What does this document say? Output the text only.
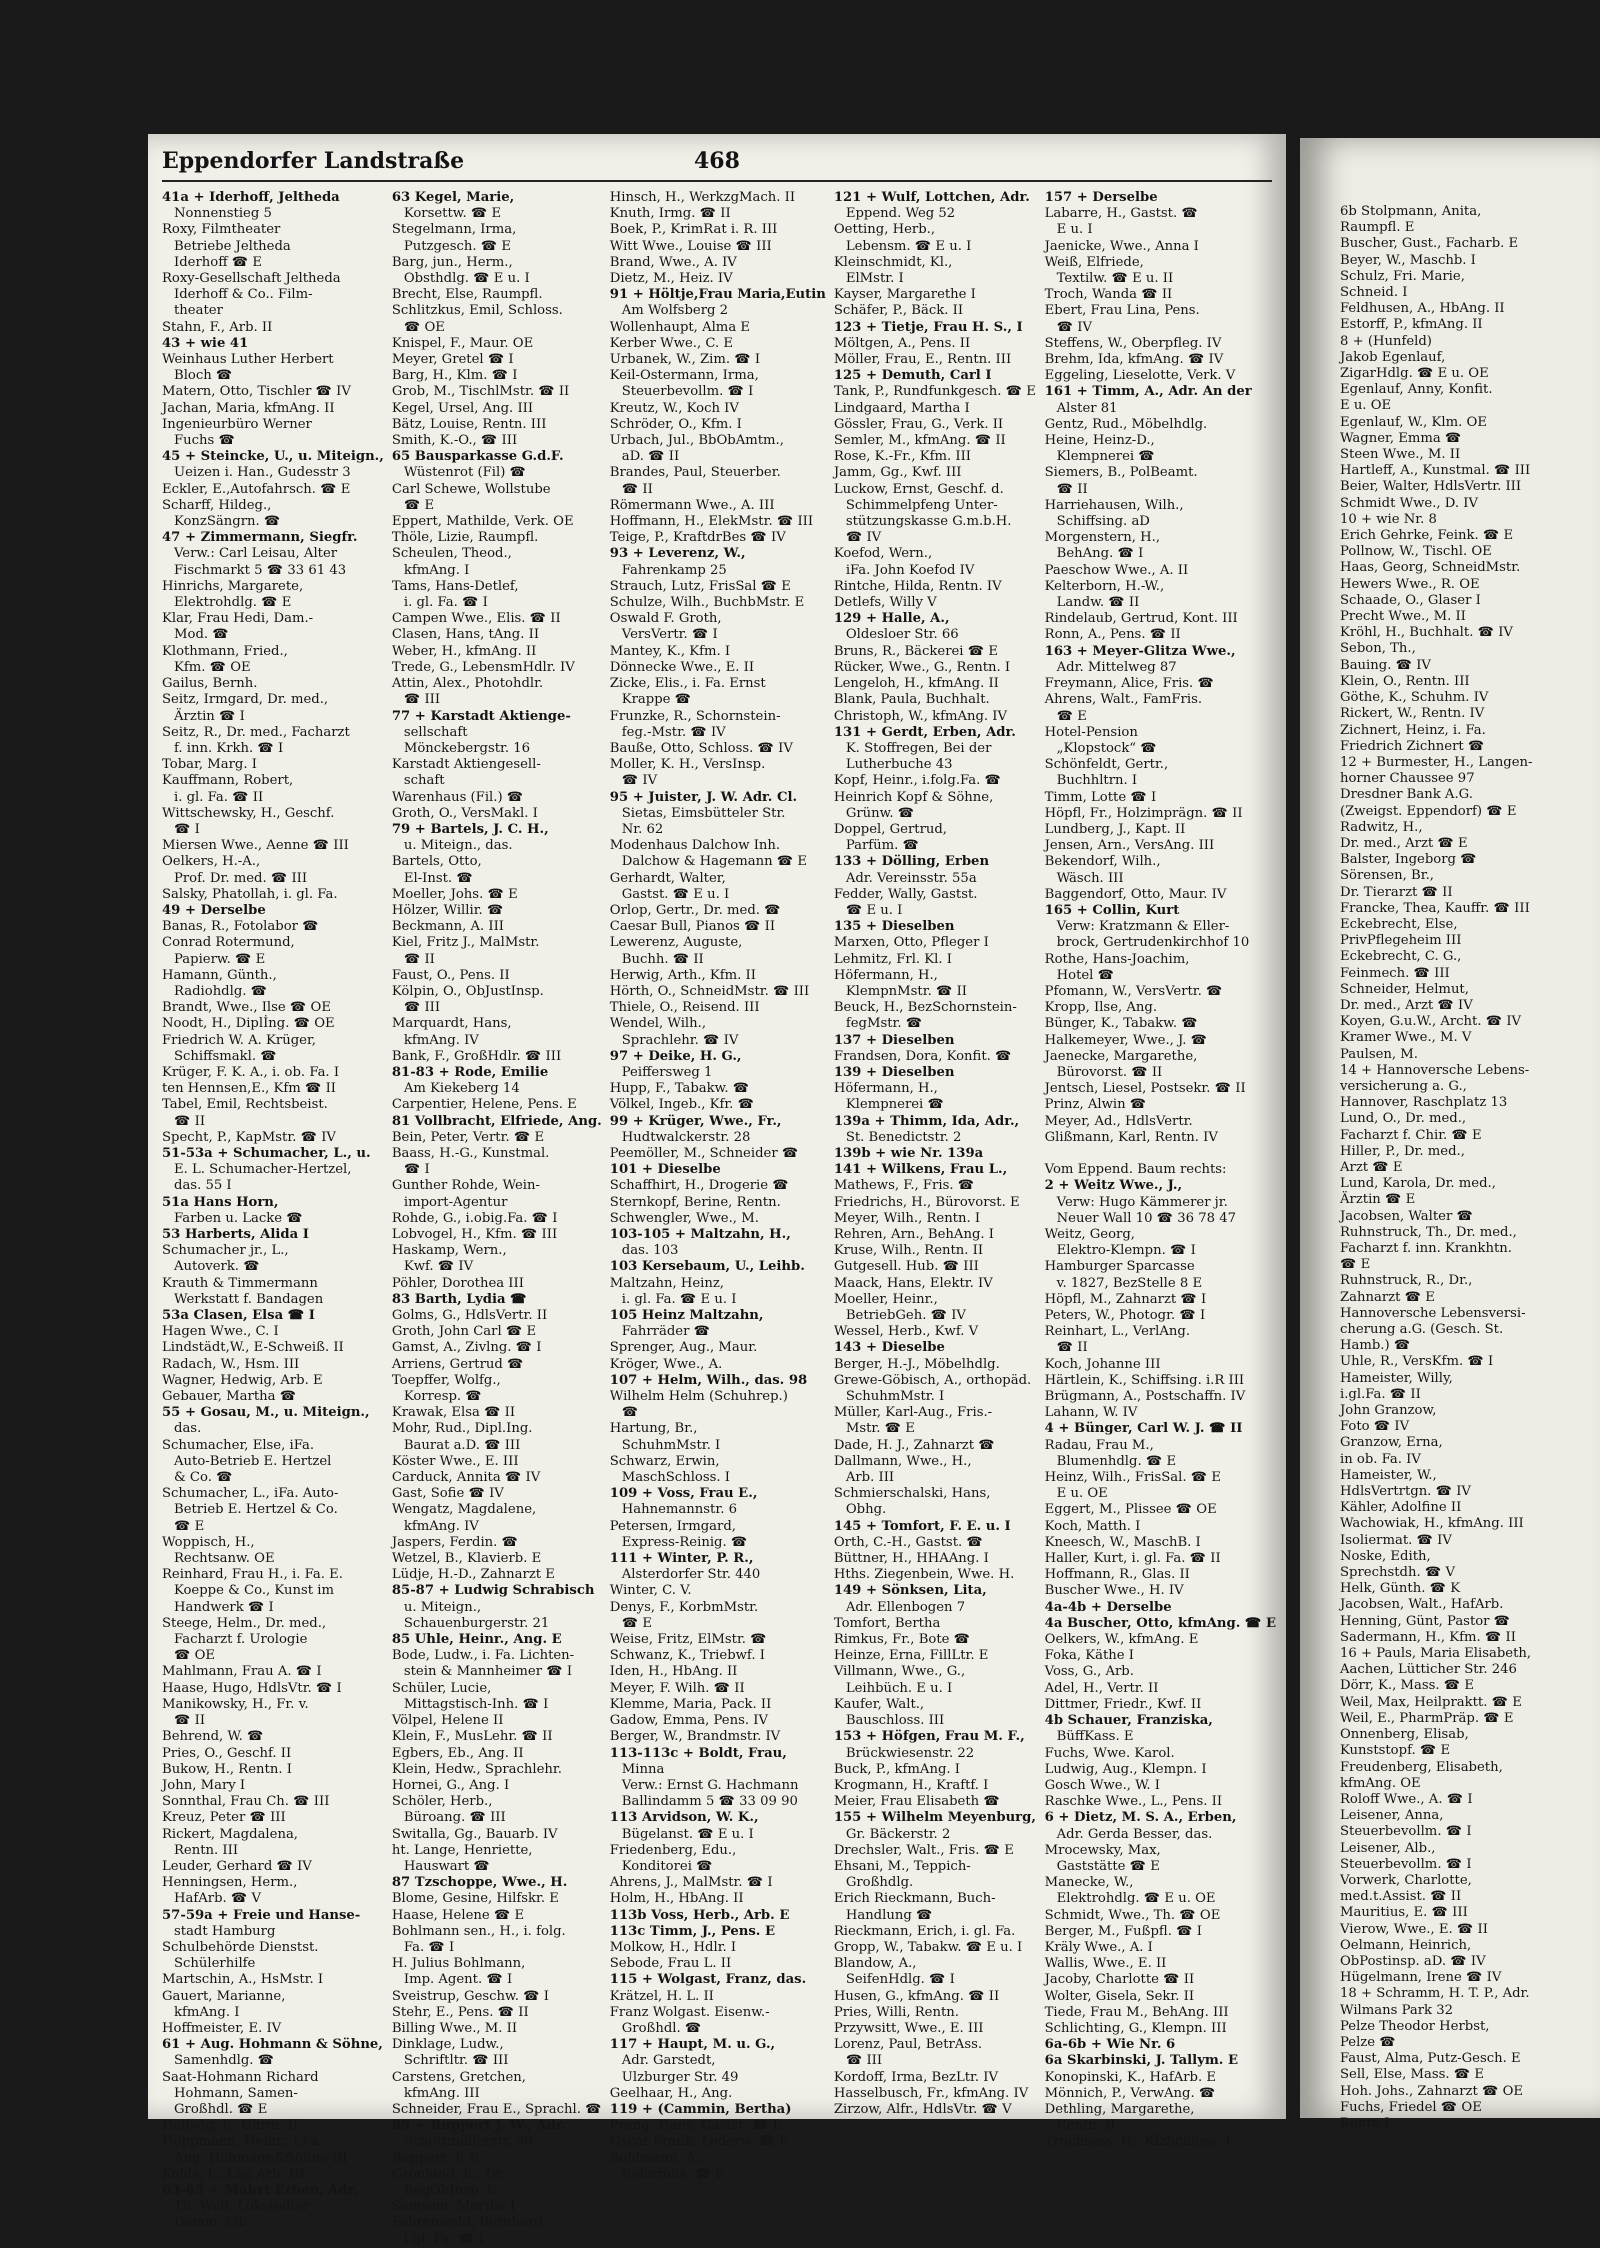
Eppendorfer Landstraße	468
41a + Iderhoff, Jeltheda
Nonnenstieg 5
Roxy, Filmtheater
Betriebe Jeltheda
Iderhoff ☎ E
Roxy-Gesellschaft Jeltheda
Iderhoff & Co.. Film-
theater
Stahn, F., Arb. II
43 + wie 41
Weinhaus Luther Herbert
Bloch ☎
Matern, Otto, Tischler ☎ IV
Jachan, Maria, kfmAng. II
Ingenieurbüro Werner
Fuchs ☎
45 + Steincke, U., u. Miteign.,
Ueizen i. Han., Gudesstr 3
Eckler, E.,Autofahrsch. ☎ E
Scharff, Hildeg.,
KonzSängrn. ☎
47 + Zimmermann, Siegfr.
Verw.: Carl Leisau, Alter
Fischmarkt 5 ☎ 33 61 43
Hinrichs, Margarete,
Elektrohdlg. ☎ E
Klar, Frau Hedi, Dam.-
Mod. ☎
Klothmann, Fried.,
Kfm. ☎ OE
Gailus, Bernh.
Seitz, Irmgard, Dr. med.,
Ärztin ☎ I
Seitz, R., Dr. med., Facharzt
f. inn. Krkh. ☎ I
Tobar, Marg. I
Kauffmann, Robert,
i. gl. Fa. ☎ II
Wittschewsky, H., Geschf.
☎ I
Miersen Wwe., Aenne ☎ III
Oelkers, H.-A.,
Prof. Dr. med. ☎ III
Salsky, Phatollah, i. gl. Fa.
49 + Derselbe
Banas, R., Fotolabor ☎
Conrad Rotermund,
Papierw. ☎ E
Hamann, Günth.,
Radiohdlg. ☎
Brandt, Wwe., Ilse ☎ OE
Noodt, H., Diplİng. ☎ OE
Friedrich W. A. Krüger,
Schiffsmakl. ☎
Krüger, F. K. A., i. ob. Fa. I
ten Hennsen,E., Kfm ☎ II
Tabel, Emil, Rechtsbeist.
☎ II
Specht, P., KapMstr. ☎ IV
51-53a + Schumacher, L., u.
E. L. Schumacher-Hertzel,
das. 55 I
51a Hans Horn,
Farben u. Lacke ☎
53 Harberts, Alida I
Schumacher jr., L.,
Autoverk. ☎
Krauth & Timmermann
Werkstatt f. Bandagen
53a Clasen, Elsa ☎ I
Hagen Wwe., C. I
Lindstädt,W., E-Schweiß. II
Radach, W., Hsm. III
Wagner, Hedwig, Arb. E
Gebauer, Martha ☎
55 + Gosau, M., u. Miteign.,
das.
Schumacher, Else, iFa.
Auto-Betrieb E. Hertzel
& Co. ☎
Schumacher, L., iFa. Auto-
Betrieb E. Hertzel & Co.
☎ E
Woppisch, H.,
Rechtsanw. OE
Reinhard, Frau H., i. Fa. E.
Koeppe & Co., Kunst im
Handwerk ☎ I
Steege, Helm., Dr. med.,
Facharzt f. Urologie
☎ OE
Mahlmann, Frau A. ☎ I
Haase, Hugo, HdlsVtr. ☎ I
Manikowsky, H., Fr. v.
☎ II
Behrend, W. ☎
Pries, O., Geschf. II
Bukow, H., Rentn. I
John, Mary I
Sonnthal, Frau Ch. ☎ III
Kreuz, Peter ☎ III
Rickert, Magdalena,
Rentn. III
Leuder, Gerhard ☎ IV
Henningsen, Herm.,
HafArb. ☎ V
57-59a + Freie und Hanse-
stadt Hamburg
Schulbehörde Dienstst.
Schülerhilfe
Martschin, A., HsMstr. I
Gauert, Marianne,
kfmAng. I
Hoffmeister, E. IV
61 + Aug. Hohmann & Söhne,
Samenhdlg. ☎
Saat-Hohmann Richard
Hohmann, Samen-
Großhdl. ☎ E
Hellwig, P., Uhrm. II
Hoppmann, Heinr., i.Fa.
Aug. Hohmann&Söhne III
Kohls, F., Lag.Arb. III
63-65 + Mahrt Erben, Adr.
Th. Wolf, Lokstedter
Damm 33b
63 Kegel, Marie,
Korsettw. ☎ E
Stegelmann, Irma,
Putzgesch. ☎ E
Barg, jun., Herm.,
Obsthdlg. ☎ E u. I
Brecht, Else, Raumpfl.
Schlitzkus, Emil, Schloss.
☎ OE
Knispel, F., Maur. OE
Meyer, Gretel ☎ I
Barg, H., Klm. ☎ I
Grob, M., TischlMstr. ☎ II
Kegel, Ursel, Ang. III
Bätz, Louise, Rentn. III
Smith, K.-O., ☎ III
65 Bausparkasse G.d.F.
Wüstenrot (Fil) ☎
Carl Schewe, Wollstube
☎ E
Eppert, Mathilde, Verk. OE
Thöle, Lizie, Raumpfl.
Scheulen, Theod.,
kfmAng. I
Tams, Hans-Detlef,
i. gl. Fa. ☎ I
Campen Wwe., Elis. ☎ II
Clasen, Hans, tAng. II
Weber, H., kfmAng. II
Trede, G., LebensmHdlr. IV
Attin, Alex., Photohdlr.
☎ III
77 + Karstadt Aktienge-
sellschaft
Mönckebergstr. 16
Karstadt Aktiengesell-
schaft
Warenhaus (Fil.) ☎
Groth, O., VersMakl. I
79 + Bartels, J. C. H.,
u. Miteign., das.
Bartels, Otto,
El-Inst. ☎
Moeller, Johs. ☎ E
Hölzer, Willir. ☎
Beckmann, A. III
Kiel, Fritz J., MalMstr.
☎ II
Faust, O., Pens. II
Kölpin, O., ObJustInsp.
☎ III
Marquardt, Hans,
kfmAng. IV
Bank, F., GroßHdlr. ☎ III
81-83 + Rode, Emilie
Am Kiekeberg 14
Carpentier, Helene, Pens. E
81 Vollbracht, Elfriede, Ang.
Bein, Peter, Vertr. ☎ E
Baass, H.-G., Kunstmal.
☎ I
Gunther Rohde, Wein-
import-Agentur
Rohde, G., i.obig.Fa. ☎ I
Lobvogel, H., Kfm. ☎ III
Haskamp, Wern.,
Kwf. ☎ IV
Pöhler, Dorothea III
83 Barth, Lydia ☎
Golms, G., HdlsVertr. II
Groth, John Carl ☎ E
Gamst, A., Zivlng. ☎ I
Arriens, Gertrud ☎
Toepffer, Wolfg.,
Korresp. ☎
Krawak, Elsa ☎ II
Mohr, Rud., Dipl.Ing.
Baurat a.D. ☎ III
Köster Wwe., E. III
Carduck, Annita ☎ IV
Gast, Sofie ☎ IV
Wengatz, Magdalene,
kfmAng. IV
Jaspers, Ferdin. ☎
Wetzel, B., Klavierb. E
Lüdje, H.-D., Zahnarzt E
85-87 + Ludwig Schrabisch
u. Miteign.,
Schauenburgerstr. 21
85 Uhle, Heinr., Ang. E
Bode, Ludw., i. Fa. Lichten-
stein & Mannheimer ☎ I
Schüler, Lucie,
Mittagstisch-Inh. ☎ I
Völpel, Helene II
Klein, F., MusLehr. ☎ II
Egbers, Eb., Ang. II
Klein, Hedw., Sprachlehr.
Hornei, G., Ang. I
Schöler, Herb.,
Büroang. ☎ III
Switalla, Gg., Bauarb. IV
ht. Lange, Henriette,
Hauswart ☎
87 Tzschoppe, Wwe., H.
Blome, Gesine, Hilfskr. E
Haase, Helene ☎ E
Bohlmann sen., H., i. folg.
Fa. ☎ I
H. Julius Bohlmann,
Imp. Agent. ☎ I
Sveistrup, Geschw. ☎ I
Stehr, E., Pens. ☎ II
Billing Wwe., M. II
Dinklage, Ludw.,
Schriftltr. ☎ III
Carstens, Gretchen,
kfmAng. III
Schneider, Frau E., Sprachl. ☎
89 + Ruppert J. W., Adr.
Schottmüllerstr. 30
Ruppert, P. E
Grönlund, E., Dr.,
RegObInsp. E
Samsam, Martha I
Fahrenwald, Bernhard,
i.gl. Fa. ☎ I
Hinsch, H., WerkzgMach. II
Knuth, Irmg. ☎ II
Boek, P., KrimRat i. R. III
Witt Wwe., Louise ☎ III
Brand, Wwe., A. IV
Dietz, M., Heiz. IV
91 + Höltje,Frau Maria,Eutin
Am Wolfsberg 2
Wollenhaupt, Alma E
Kerber Wwe., C. E
Urbanek, W., Zim. ☎ I
Keil-Ostermann, Irma,
Steuerbevollm. ☎ I
Kreutz, W., Koch IV
Schröder, O., Kfm. I
Urbach, Jul., BbObAmtm.,
aD. ☎ II
Brandes, Paul, Steuerber.
☎ II
Römermann Wwe., A. III
Hoffmann, H., ElekMstr. ☎ III
Teige, P., KraftdrBes ☎ IV
93 + Leverenz, W.,
Fahrenkamp 25
Strauch, Lutz, FrisSal ☎ E
Schulze, Wilh., BuchbMstr. E
Oswald F. Groth,
VersVertr. ☎ I
Mantey, K., Kfm. I
Dönnecke Wwe., E. II
Zicke, Elis., i. Fa. Ernst
Krappe ☎
Frunzke, R., Schornstein-
feg.-Mstr. ☎ IV
Bauße, Otto, Schloss. ☎ IV
Moller, K. H., VersInsp.
☎ IV
95 + Juister, J. W. Adr. Cl.
Sietas, Eimsbütteler Str.
Nr. 62
Modenhaus Dalchow Inh.
Dalchow & Hagemann ☎ E
Gerhardt, Walter,
Gastst. ☎ E u. I
Orlop, Gertr., Dr. med. ☎
Caesar Bull, Pianos ☎ II
Lewerenz, Auguste,
Buchh. ☎ II
Herwig, Arth., Kfm. II
Hörth, O., SchneidMstr. ☎ III
Thiele, O., Reisend. III
Wendel, Wilh.,
Sprachlehr. ☎ IV
97 + Deike, H. G.,
Peiffersweg 1
Hupp, F., Tabakw. ☎
Völkel, Ingeb., Kfr. ☎
99 + Krüger, Wwe., Fr.,
Hudtwalckerstr. 28
Peemöller, M., Schneider ☎
101 + Dieselbe
Schaffhirt, H., Drogerie ☎
Sternkopf, Berine, Rentn.
Schwengler, Wwe., M.
103-105 + Maltzahn, H.,
das. 103
103 Kersebaum, U., Leihb.
Maltzahn, Heinz,
i. gl. Fa. ☎ E u. I
105 Heinz Maltzahn,
Fahrräder ☎
Sprenger, Aug., Maur.
Kröger, Wwe., A.
107 + Helm, Wilh., das. 98
Wilhelm Helm (Schuhrep.)
☎
Hartung, Br.,
SchuhmMstr. I
Schwarz, Erwin,
MaschSchloss. I
109 + Voss, Frau E.,
Hahnemannstr. 6
Petersen, Irmgard,
Express-Reinig. ☎
111 + Winter, P. R.,
Alsterdorfer Str. 440
Winter, C. V.
Denys, F., KorbmMstr.
☎ E
Weise, Fritz, ElMstr. ☎
Schwanz, K., Triebwf. I
Iden, H., HbAng. II
Meyer, F. Wilh. ☎ II
Klemme, Maria, Pack. II
Gadow, Emma, Pens. IV
Berger, W., Brandmstr. IV
113-113c + Boldt, Frau,
Minna
Verw.: Ernst G. Hachmann
Ballindamm 5 ☎ 33 09 90
113 Arvidson, W. K.,
Bügelanst. ☎ E u. I
Friedenberg, Edu.,
Konditorei ☎
Ahrens, J., MalMstr. ☎ I
Holm, H., HbAng. II
113b Voss, Herb., Arb. E
113c Timm, J., Pens. E
Molkow, H., Hdlr. I
Sebode, Frau L. II
115 + Wolgast, Franz, das.
Krätzel, H. L. II
Franz Wolgast. Eisenw.-
Großhdl. ☎
117 + Haupt, M. u. G.,
Adr. Garstedt,
Ulzburger Str. 49
Geelhaar, H., Ang.
119 + (Cammin, Bertha)
Prang, Hans, Gastst. ☎ E
Oscar Frank, Lederw. ☎ E
Bohlmann, A.,
Reformhs. ☎ E
121 + Wulf, Lottchen, Adr.
Eppend. Weg 52
Oetting, Herb.,
Lebensm. ☎ E u. I
Kleinschmidt, Kl.,
ElMstr. I
Kayser, Margarethe I
Schäfer, P., Bäck. II
123 + Tietje, Frau H. S., I
Möltgen, A., Pens. II
Möller, Frau, E., Rentn. III
125 + Demuth, Carl I
Tank, P., Rundfunkgesch. ☎ E
Lindgaard, Martha I
Gössler, Frau, G., Verk. II
Semler, M., kfmAng. ☎ II
Rose, K.-Fr., Kfm. III
Jamm, Gg., Kwf. III
Luckow, Ernst, Geschf. d.
Schimmelpfeng Unter-
stützungskasse G.m.b.H.
☎ IV
Koefod, Wern.,
iFa. John Koefod IV
Rintche, Hilda, Rentn. IV
Detlefs, Willy V
129 + Halle, A.,
Oldesloer Str. 66
Bruns, R., Bäckerei ☎ E
Rücker, Wwe., G., Rentn. I
Lengeloh, H., kfmAng. II
Blank, Paula, Buchhalt.
Christoph, W., kfmAng. IV
131 + Gerdt, Erben, Adr.
K. Stoffregen, Bei der
Lutherbuche 43
Kopf, Heinr., i.folg.Fa. ☎
Heinrich Kopf & Söhne,
Grünw. ☎
Doppel, Gertrud,
Parfüm. ☎
133 + Dölling, Erben
Adr. Vereinsstr. 55a
Fedder, Wally, Gastst.
☎ E u. I
135 + Dieselben
Marxen, Otto, Pfleger I
Lehmitz, Frl. Kl. I
Höfermann, H.,
KlempnMstr. ☎ II
Beuck, H., BezSchornstein-
fegMstr. ☎
137 + Dieselben
Frandsen, Dora, Konfit. ☎
139 + Dieselben
Höfermann, H.,
Klempnerei ☎
139a + Thimm, Ida, Adr.,
St. Benedictstr. 2
139b + wie Nr. 139a
141 + Wilkens, Frau L.,
Mathews, F., Fris. ☎
Friedrichs, H., Bürovorst. E
Meyer, Wilh., Rentn. I
Rehren, Arn., BehAng. I
Kruse, Wilh., Rentn. II
Gutgesell. Hub. ☎ III
Maack, Hans, Elektr. IV
Moeller, Heinr.,
BetriebGeh. ☎ IV
Wessel, Herb., Kwf. V
143 + Dieselbe
Berger, H.-J., Möbelhdlg.
Grewe-Göbisch, A., orthopäd.
SchuhmMstr. I
Müller, Karl-Aug., Fris.-
Mstr. ☎ E
Dade, H. J., Zahnarzt ☎
Dallmann, Wwe., H.,
Arb. III
Schmierschalski, Hans,
Obhg.
145 + Tomfort, F. E. u. I
Orth, C.-H., Gastst. ☎
Büttner, H., HHAAng. I
Hths. Ziegenbein, Wwe. H.
149 + Sönksen, Lita,
Adr. Ellenbogen 7
Tomfort, Bertha
Rimkus, Fr., Bote ☎
Heinze, Erna, FillLtr. E
Villmann, Wwe., G.,
Leihbüch. E u. I
Kaufer, Walt.,
Bauschloss. III
153 + Höfgen, Frau M. F.,
Brückwiesenstr. 22
Buck, P., kfmAng. I
Krogmann, H., Kraftf. I
Meier, Frau Elisabeth ☎
155 + Wilhelm Meyenburg,
Gr. Bäckerstr. 2
Drechsler, Walt., Fris. ☎ E
Ehsani, M., Teppich-
Großhdlg.
Erich Rieckmann, Buch-
Handlung ☎
Rieckmann, Erich, i. gl. Fa.
Gropp, W., Tabakw. ☎ E u. I
Blandow, A.,
SeifenHdlg. ☎ I
Husen, G., kfmAng. ☎ II
Pries, Willi, Rentn.
Przywsitt, Wwe., E. III
Lorenz, Paul, BetrAss.
☎ III
Kordoff, Irma, BezLtr. IV
Hasselbusch, Fr., kfmAng. IV
Zirzow, Alfr., HdlsVtr. ☎ V
157 + Derselbe
Labarre, H., Gastst. ☎
E u. I
Jaenicke, Wwe., Anna I
Weiß, Elfriede,
Textilw. ☎ E u. II
Troch, Wanda ☎ II
Ebert, Frau Lina, Pens.
☎ IV
Steffens, W., Oberpfleg. IV
Brehm, Ida, kfmAng. ☎ IV
Eggeling, Lieselotte, Verk. V
161 + Timm, A., Adr. An der
Alster 81
Gentz, Rud., Möbelhdlg.
Heine, Heinz-D.,
Klempnerei ☎
Siemers, B., PolBeamt.
☎ II
Harriehausen, Wilh.,
Schiffsing. aD
Morgenstern, H.,
BehAng. ☎ I
Paeschow Wwe., A. II
Kelterborn, H.-W.,
Landw. ☎ II
Rindelaub, Gertrud, Kont. III
Ronn, A., Pens. ☎ II
163 + Meyer-Glitza Wwe.,
Adr. Mittelweg 87
Freymann, Alice, Fris. ☎
Ahrens, Walt., FamFris.
☎ E
Hotel-Pension
„Klopstock“ ☎
Schönfeldt, Gertr.,
Buchhltrn. I
Timm, Lotte ☎ I
Höpfl, Fr., Holzimprägn. ☎ II
Lundberg, J., Kapt. II
Jensen, Arn., VersAng. III
Bekendorf, Wilh.,
Wäsch. III
Baggendorf, Otto, Maur. IV
165 + Collin, Kurt
Verw: Kratzmann & Eller-
brock, Gertrudenkirchhof 10
Rothe, Hans-Joachim,
Hotel ☎
Pfomann, W., VersVertr. ☎
Kropp, Ilse, Ang.
Bünger, K., Tabakw. ☎
Halkemeyer, Wwe., J. ☎
Jaenecke, Margarethe,
Bürovorst. ☎ II
Jentsch, Liesel, Postsekr. ☎ II
Prinz, Alwin ☎
Meyer, Ad., HdlsVertr.
Glißmann, Karl, Rentn. IV

Vom Eppend. Baum rechts:
2 + Weitz Wwe., J.,
Verw: Hugo Kämmerer jr.
Neuer Wall 10 ☎ 36 78 47
Weitz, Georg,
Elektro-Klempn. ☎ I
Hamburger Sparcasse
v. 1827, BezStelle 8 E
Höpfl, M., Zahnarzt ☎ I
Peters, W., Photogr. ☎ I
Reinhart, L., VerlAng.
☎ II
Koch, Johanne III
Härtlein, K., Schiffsing. i.R III
Brügmann, A., Postschaffn. IV
Lahann, W. IV
4 + Bünger, Carl W. J. ☎ II
Radau, Frau M.,
Blumenhdlg. ☎ E
Heinz, Wilh., FrisSal. ☎ E
E u. OE
Eggert, M., Plissee ☎ OE
Koch, Matth. I
Kneesch, W., MaschB. I
Haller, Kurt, i. gl. Fa. ☎ II
Hoffmann, R., Glas. II
Buscher Wwe., H. IV
4a-4b + Derselbe
4a Buscher, Otto, kfmAng. ☎ E
Oelkers, W., kfmAng. E
Foka, Käthe I
Voss, G., Arb.
Adel, H., Vertr. II
Dittmer, Friedr., Kwf. II
4b Schauer, Franziska,
BüffKass. E
Fuchs, Wwe. Karol.
Ludwig, Aug., Klempn. I
Gosch Wwe., W. I
Raschke Wwe., L., Pens. II
6 + Dietz, M. S. A., Erben,
Adr. Gerda Besser, das.
Mrocewsky, Max,
Gaststätte ☎ E
Manecke, W.,
Elektrohdlg. ☎ E u. OE
Schmidt, Wwe., Th. ☎ OE
Berger, M., Fußpfl. ☎ I
Kräly Wwe., A. I
Wallis, Wwe., E. II
Jacoby, Charlotte ☎ II
Wolter, Gisela, Sekr. II
Tiede, Frau M., BehAng. III
Schlichting, G., Klempn. III
6a-6b + Wie Nr. 6
6a Skarbinski, J. Tallym. E
Konopinski, K., HafArb. E
Mönnich, P., VerwAng. ☎
Dethling, Margarethe,
Rentn. II
Truchsess, H., KfzSchloss. I
6b Stolpmann, Anita,
Raumpfl. E
Buscher, Gust., Facharb. E
Beyer, W., Maschb. I
Schulz, Fri. Marie,
Schneid. I
Feldhusen, A., HbAng. II
Estorff, P., kfmAng. II
8 + (Hunfeld)
Jakob Egenlauf,
ZigarHdlg. ☎ E u. OE
Egenlauf, Anny, Konfit.
E u. OE
Egenlauf, W., Klm. OE
Wagner, Emma ☎
Steen Wwe., M. II
Hartleff, A., Kunstmal. ☎ III
Beier, Walter, HdlsVertr. III
Schmidt Wwe., D. IV
10 + wie Nr. 8
Erich Gehrke, Feink. ☎ E
Pollnow, W., Tischl. OE
Haas, Georg, SchneidMstr.
Hewers Wwe., R. OE
Schaade, O., Glaser I
Precht Wwe., M. II
Kröhl, H., Buchhalt. ☎ IV
Sebon, Th.,
Bauing. ☎ IV
Klein, O., Rentn. III
Göthe, K., Schuhm. IV
Rickert, W., Rentn. IV
Zichnert, Heinz, i. Fa.
Friedrich Zichnert ☎
12 + Burmester, H., Langen-
horner Chaussee 97
Dresdner Bank A.G.
(Zweigst. Eppendorf) ☎ E
Radwitz, H.,
Dr. med., Arzt ☎ E
Balster, Ingeborg ☎
Sörensen, Br.,
Dr. Tierarzt ☎ II
Francke, Thea, Kauffr. ☎ III
Eckebrecht, Else,
PrivPflegeheim III
Eckebrecht, C. G.,
Feinmech. ☎ III
Schneider, Helmut,
Dr. med., Arzt ☎ IV
Koyen, G.u.W., Archt. ☎ IV
Kramer Wwe., M. V
Paulsen, M.
14 + Hannoversche Lebens-
versicherung a. G.,
Hannover, Raschplatz 13
Lund, O., Dr. med.,
Facharzt f. Chir. ☎ E
Hiller, P., Dr. med.,
Arzt ☎ E
Lund, Karola, Dr. med.,
Ärztin ☎ E
Jacobsen, Walter ☎
Ruhnstruck, Th., Dr. med.,
Facharzt f. inn. Krankhtn.
☎ E
Ruhnstruck, R., Dr.,
Zahnarzt ☎ E
Hannoversche Lebensversi-
cherung a.G. (Gesch. St.
Hamb.) ☎
Uhle, R., VersKfm. ☎ I
Hameister, Willy,
i.gl.Fa. ☎ II
John Granzow,
Foto ☎ IV
Granzow, Erna,
in ob. Fa. IV
Hameister, W.,
HdlsVertrtgn. ☎ IV
Kähler, Adolfine II
Wachowiak, H., kfmAng. III
Isoliermat. ☎ IV
Noske, Edith,
Sprechstdh. ☎ V
Helk, Günth. ☎ K
Jacobsen, Walt., HafArb.
Henning, Günt, Pastor ☎
Sadermann, H., Kfm. ☎ II
16 + Pauls, Maria Elisabeth,
Aachen, Lütticher Str. 246
Dörr, K., Mass. ☎ E
Weil, Max, Heilpraktt. ☎ E
Weil, E., PharmPräp. ☎ E
Onnenberg, Elisab,
Kunststopf. ☎ E
Freudenberg, Elisabeth,
kfmAng. OE
Roloff Wwe., A. ☎ I
Leisener, Anna,
Steuerbevollm. ☎ I
Leisener, Alb.,
Steuerbevollm. ☎ I
Vorwerk, Charlotte,
med.t.Assist. ☎ II
Mauritius, E. ☎ III
Vierow, Wwe., E. ☎ II
Oelmann, Heinrich,
ObPostinsp. aD. ☎ IV
Hügelmann, Irene ☎ IV
18 + Schramm, H. T. P., Adr.
Wilmans Park 32
Pelze Theodor Herbst,
Pelze ☎
Faust, Alma, Putz-Gesch. E
Sell, Else, Mass. ☎ E
Hoh. Johs., Zahnarzt ☎ OE
Fuchs, Friedel ☎ OE
Rentn I
